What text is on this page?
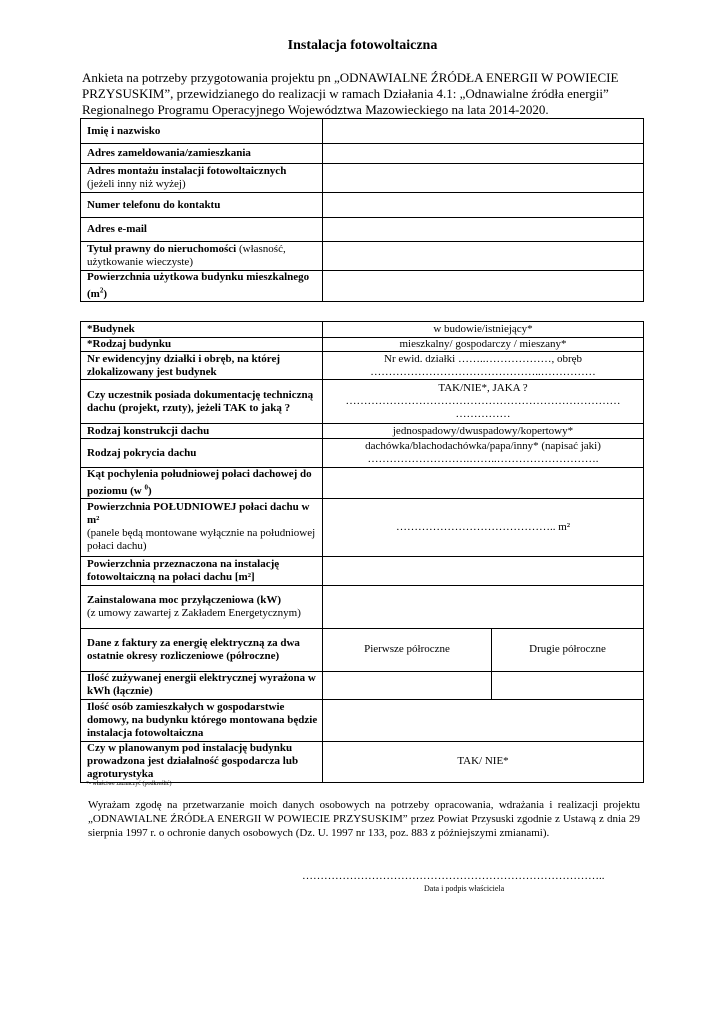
Instalacja fotowoltaiczna
Ankieta na potrzeby przygotowania projektu pn „ODNAWIALNE ŹRÓDŁA ENERGII W POWIECIE PRZYSUSKIM”, przewidzianego do realizacji w ramach Działania 4.1: „Odnawialne źródła energii” Regionalnego Programu Operacyjnego Województwa Mazowieckiego na lata 2014-2020.
Imię i nazwisko	
Adres zameldowania/zamieszkania	
Adres montażu instalacji fotowoltaicznych
(jeżeli inny niż wyżej)	
Numer telefonu do kontaktu	
Adres e-mail	
Tytuł prawny do nieruchomości (własność, użytkowanie wieczyste)	
Powierzchnia użytkowa budynku mieszkalnego $(m^2)$	
*Budynek	w budowie/istniejący*	
*Rodzaj budynku	mieszkalny/ gospodarczy / mieszany*	
Nr ewidencyjny działki i obręb, na której zlokalizowany jest budynek	Nr ewid. działki ……..………………, obręb
………………………………………..……………	
Czy uczestnik posiada dokumentację techniczną dachu (projekt, rzuty), jeżeli TAK to jaką ?	TAK/NIE*, JAKA ?
…………………………………………………………………
……………	
Rodzaj konstrukcji dachu	jednospadowy/dwuspadowy/kopertowy*	
Rodzaj pokrycia dachu	dachówka/blachodachówka/papa/inny* (napisać jaki)
……………………….……..……………………….	
Kąt pochylenia południowej połaci dachowej do poziomu (w $^0$)		
Powierzchnia POŁUDNIOWEJ połaci dachu w m²
(panele będą montowane wyłącznie na południowej połaci dachu)	…………………………………….. m²	
Powierzchnia przeznaczona na instalację fotowoltaiczną na połaci dachu [m²]		
Zainstalowana moc przyłączeniowa (kW)
(z umowy zawartej z Zakładem Energetycznym)		
Dane z faktury za energię elektryczną za dwa ostatnie okresy rozliczeniowe (półroczne)	Pierwsze półroczne	Drugie półroczne
Ilość zużywanej energii elektrycznej wyrażona w kWh (łącznie)		
Ilość osób zamieszkałych w gospodarstwie domowy, na budynku którego montowana będzie instalacja fotowoltaiczna		
Czy w planowanym pod instalację budynku prowadzona jest działalność gospodarcza lub agroturystyka	TAK/ NIE*	
*- właściwe zaznaczyć (podkreślić)
Wyrażam zgodę na przetwarzanie moich danych osobowych na potrzeby opracowania, wdrażania i realizacji projektu „ODNAWIALNE ŹRÓDŁA ENERGII W POWIECIE PRZYSUSKIM” przez Powiat Przysuski zgodnie z Ustawą z dnia 29 sierpnia 1997 r. o ochronie danych osobowych (Dz. U. 1997 nr 133, poz. 883 z późniejszymi zmianami).
………………………………………………………………………..
Data i podpis właściciela
